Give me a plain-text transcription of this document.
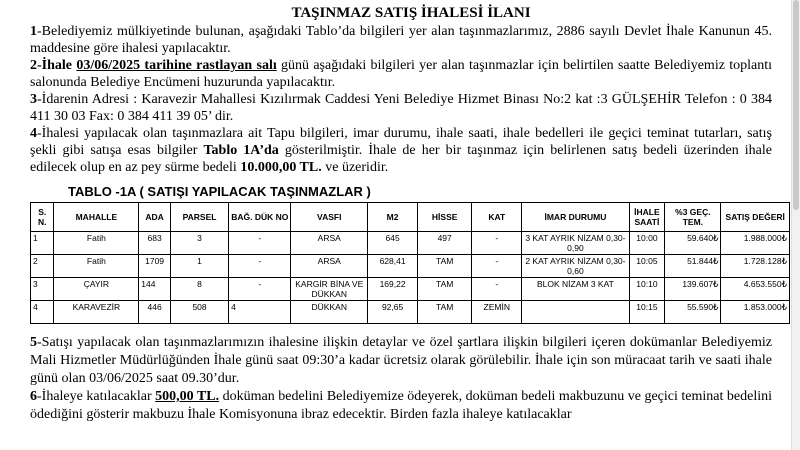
TAŞINMAZ SATIŞ İHALESİ İLANI

1-Belediyemiz mülkiyetinde bulunan, aşağıdaki Tablo’da bilgileri yer alan taşınmazlarımız, 2886 sayılı Devlet İhale Kanunun 45. maddesine göre ihalesi yapılacaktır.

2-İhale 03/06/2025 tarihine rastlayan salı günü aşağıdaki bilgileri yer alan taşınmazlar için belirtilen saatte Belediyemiz toplantı salonunda Belediye Encümeni huzurunda yapılacaktır.

3-İdarenin Adresi : Karavezir Mahallesi Kızılırmak Caddesi Yeni Belediye Hizmet Binası No:2 kat :3 GÜLŞEHİR Telefon : 0 384 411 30 03 Fax: 0 384 411 39 05’ dir.

4-İhalesi yapılacak olan taşınmazlara ait Tapu bilgileri, imar durumu, ihale saati, ihale bedelleri ile geçici teminat tutarları, satış şekli gibi satışa esas bilgiler Tablo 1A’da gösterilmiştir. İhale de her bir taşınmaz için belirlenen satış bedeli üzerinden ihale edilecek olup en az pey sürme bedeli 10.000,00 TL. ve üzeridir.

TABLO -1A ( SATIŞI YAPILACAK TAŞINMAZLAR )
S. N.	MAHALLE	ADA	PARSEL	BAĞ. DÜK NO	VASFI	M2	HİSSE	KAT	İMAR DURUMU	İHALE SAATİ	%3 GEÇ. TEM.	SATIŞ DEĞERİ
1	Fatih	683	3	-	ARSA	645	497	-	3 KAT AYRIK NİZAM 0,30-0,90	10:00	59.640₺	1.988.000₺
2	Fatih	1709	1	-	ARSA	628,41	TAM	-	2 KAT AYRIK NİZAM 0,30-0,60	10:05	51.844₺	1.728.128₺
3	ÇAYIR	144	8	-	KARGİR BİNA VE DÜKKAN	169,22	TAM	-	BLOK NİZAM 3 KAT	10:10	139.607₺	4.653.550₺
4	KARAVEZİR	446	508	4	DÜKKAN	92,65	TAM	ZEMİN		10:15	55.590₺	1.853.000₺

5-Satışı yapılacak olan taşınmazlarımızın ihalesine ilişkin detaylar ve özel şartlara ilişkin bilgileri içeren dokümanlar Belediyemiz Mali Hizmetler Müdürlüğünden İhale günü saat 09:30’a kadar ücretsiz olarak görülebilir. İhale için son müracaat tarih ve saati ihale günü olan 03/06/2025 saat 09.30’dur.

6-İhaleye katılacaklar 500,00 TL. doküman bedelini Belediyemize ödeyerek, doküman bedeli makbuzunu ve geçici teminat bedelini ödediğini gösterir makbuzu İhale Komisyonuna ibraz edecektir. Birden fazla ihaleye katılacaklar
